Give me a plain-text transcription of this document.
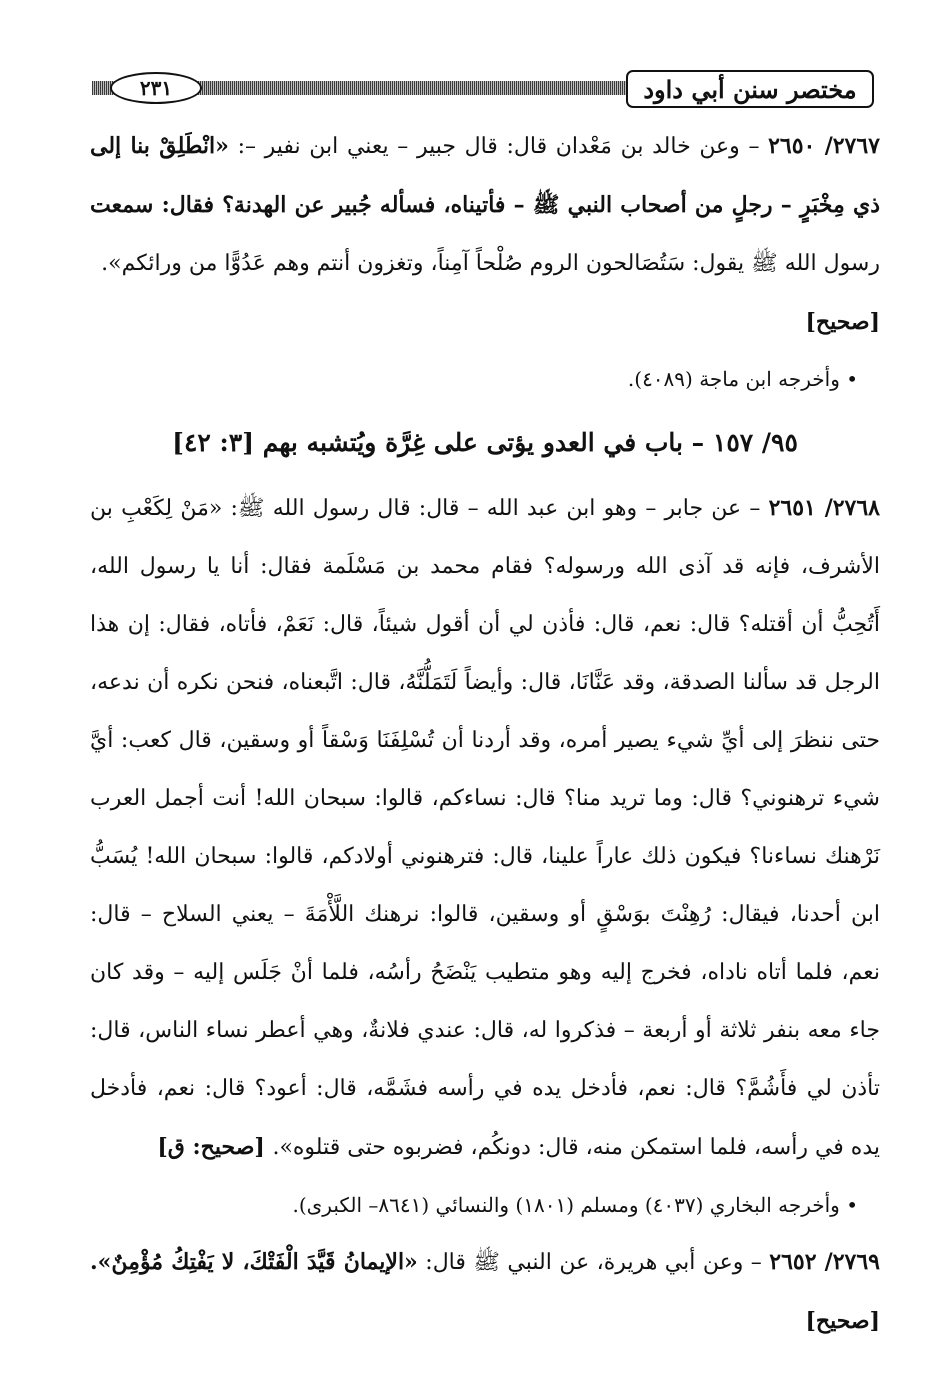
٢٣١	مختصر سنن أبي داود

٢٧٦٧/ ٢٦٥٠ – وعن خالد بن مَعْدان قال: قال جبير – يعني ابن نفير –: «انْطَلِقْ بنا إلى ذي مِخْبَرٍ – رجلٍ من أصحاب النبي ﷺ – فأتيناه، فسأله جُبير عن الهدنة؟ فقال: سمعت رسول الله ﷺ يقول: سَتُصَالحون الروم صُلْحاً آمِناً، وتغزون أنتم وهم عَدُوًّا من ورائكم».

[صحيح]

• وأخرجه ابن ماجة (٤٠٨٩).

٩٥/ ١٥٧ – باب في العدو يؤتى على غِرَّة ويُتشبه بهم [٣: ٤٢]

٢٧٦٨/ ٢٦٥١ – عن جابر – وهو ابن عبد الله – قال: قال رسول الله ﷺ: «مَنْ لِكَعْبِ بن الأشرف، فإنه قد آذى الله ورسوله؟ فقام محمد بن مَسْلَمة فقال: أنا يا رسول الله، أَتُحِبُّ أن أقتله؟ قال: نعم، قال: فأذن لي أن أقول شيئاً، قال: نَعَمْ، فأتاه، فقال: إن هذا الرجل قد سألنا الصدقة، وقد عَنَّانَا، قال: وأيضاً لَتَمَلُّنَّهُ، قال: اتَّبعناه، فنحن نكره أن ندعه، حتى ننظرَ إلى أيِّ شيء يصير أمره، وقد أردنا أن تُسْلِفَنَا وَسْقاً أو وسقين، قال كعب: أيَّ شيء ترهنوني؟ قال: وما تريد منا؟ قال: نساءكم، قالوا: سبحان الله! أنت أجمل العرب نَرْهنك نساءنا؟ فيكون ذلك عاراً علينا، قال: فترهنوني أولادكم، قالوا: سبحان الله! يُسَبُّ ابن أحدنا، فيقال: رُهِنْتَ بوَسْقٍ أو وسقين، قالوا: نرهنك اللَّأْمَةَ – يعني السلاح – قال: نعم، فلما أتاه ناداه، فخرج إليه وهو متطيب يَنْضَحُ رأسُه، فلما أنْ جَلَس إليه – وقد كان جاء معه بنفر ثلاثة أو أربعة – فذكروا له، قال: عندي فلانةٌ، وهي أعطر نساء الناس، قال: تأذن لي فأَشُمَّ؟ قال: نعم، فأدخل يده في رأسه فشَمَّه، قال: أعود؟ قال: نعم، فأدخل يده في رأسه، فلما استمكن منه، قال: دونكُم، فضربوه حتى قتلوه». [صحيح: ق]

• وأخرجه البخاري (٤٠٣٧) ومسلم (١٨٠١) والنسائي (٨٦٤١– الكبرى).

٢٧٦٩/ ٢٦٥٢ – وعن أبي هريرة، عن النبي ﷺ قال: «الإيمانُ قَيَّدَ الْفَتْكَ، لا يَفْتِكُ مُؤْمِنٌ». [صحيح]
